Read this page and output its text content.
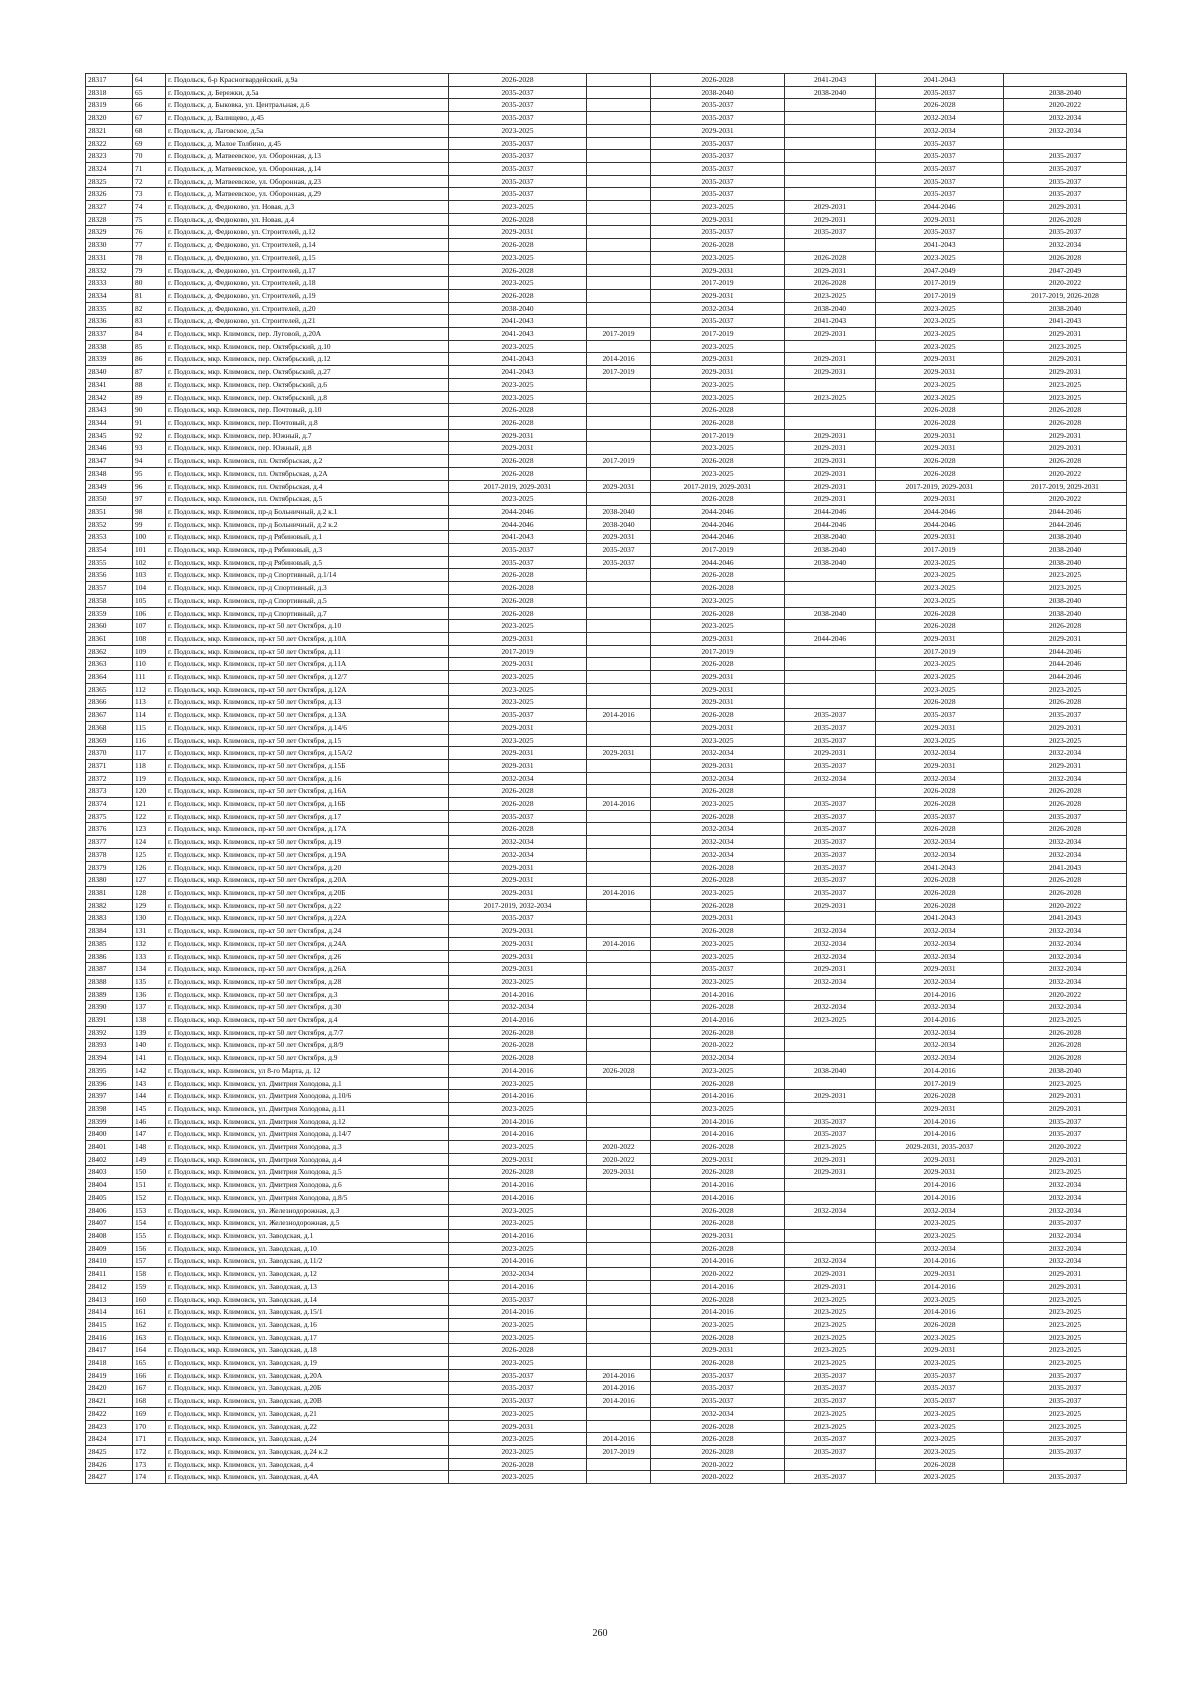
28317	64	г. Подольск, б-р Красногвардейский, д.9а	2026-2028		2026-2028	2041-2043	2041-2043	
28318	65	г. Подольск, д. Бережки, д.5а	2035-2037		2038-2040	2038-2040	2035-2037	2038-2040
28319	66	г. Подольск, д. Быковка, ул. Центральная, д.6	2035-2037		2035-2037		2026-2028	2020-2022
28320	67	г. Подольск, д. Валищево, д.45	2035-2037		2035-2037		2032-2034	2032-2034
28321	68	г. Подольск, д. Лаговское, д.5а	2023-2025		2029-2031		2032-2034	2032-2034
28322	69	г. Подольск, д. Малое Толбино, д.45	2035-2037		2035-2037		2035-2037	
28323	70	г. Подольск, д. Матвеевское, ул. Оборонная, д.13	2035-2037		2035-2037		2035-2037	2035-2037
28324	71	г. Подольск, д. Матвеевское, ул. Оборонная, д.14	2035-2037		2035-2037		2035-2037	2035-2037
28325	72	г. Подольск, д. Матвеевское, ул. Оборонная, д.23	2035-2037		2035-2037		2035-2037	2035-2037
28326	73	г. Подольск, д. Матвеевское, ул. Оборонная, д.29	2035-2037		2035-2037		2035-2037	2035-2037
28327	74	г. Подольск, д. Федюково, ул. Новая, д.3	2023-2025		2023-2025	2029-2031	2044-2046	2029-2031
28328	75	г. Подольск, д. Федюково, ул. Новая, д.4	2026-2028		2029-2031	2029-2031	2029-2031	2026-2028
28329	76	г. Подольск, д. Федюково, ул. Строителей, д.12	2029-2031		2035-2037	2035-2037	2035-2037	2035-2037
28330	77	г. Подольск, д. Федюково, ул. Строителей, д.14	2026-2028		2026-2028		2041-2043	2032-2034
28331	78	г. Подольск, д. Федюково, ул. Строителей, д.15	2023-2025		2023-2025	2026-2028	2023-2025	2026-2028
28332	79	г. Подольск, д. Федюково, ул. Строителей, д.17	2026-2028		2029-2031	2029-2031	2047-2049	2047-2049
28333	80	г. Подольск, д. Федюково, ул. Строителей, д.18	2023-2025		2017-2019	2026-2028	2017-2019	2020-2022
28334	81	г. Подольск, д. Федюково, ул. Строителей, д.19	2026-2028		2029-2031	2023-2025	2017-2019	2017-2019, 2026-2028
28335	82	г. Подольск, д. Федюково, ул. Строителей, д.20	2038-2040		2032-2034	2038-2040	2023-2025	2038-2040
28336	83	г. Подольск, д. Федюково, ул. Строителей, д.21	2041-2043		2035-2037	2041-2043	2023-2025	2041-2043
28337	84	г. Подольск, мкр. Климовск, пер. Луговой, д.20А	2041-2043	2017-2019	2017-2019	2029-2031	2023-2025	2029-2031
28338	85	г. Подольск, мкр. Климовск, пер. Октябрьский, д.10	2023-2025		2023-2025		2023-2025	2023-2025
28339	86	г. Подольск, мкр. Климовск, пер. Октябрьский, д.12	2041-2043	2014-2016	2029-2031	2029-2031	2029-2031	2029-2031
28340	87	г. Подольск, мкр. Климовск, пер. Октябрьский, д.27	2041-2043	2017-2019	2029-2031	2029-2031	2029-2031	2029-2031
28341	88	г. Подольск, мкр. Климовск, пер. Октябрьский, д.6	2023-2025		2023-2025		2023-2025	2023-2025
28342	89	г. Подольск, мкр. Климовск, пер. Октябрьский, д.8	2023-2025		2023-2025	2023-2025	2023-2025	2023-2025
28343	90	г. Подольск, мкр. Климовск, пер. Почтовый, д.10	2026-2028		2026-2028		2026-2028	2026-2028
28344	91	г. Подольск, мкр. Климовск, пер. Почтовый, д.8	2026-2028		2026-2028		2026-2028	2026-2028
28345	92	г. Подольск, мкр. Климовск, пер. Южный, д.7	2029-2031		2017-2019	2029-2031	2029-2031	2029-2031
28346	93	г. Подольск, мкр. Климовск, пер. Южный, д.8	2029-2031		2023-2025	2029-2031	2029-2031	2029-2031
28347	94	г. Подольск, мкр. Климовск, пл. Октябрьская, д.2	2026-2028	2017-2019	2026-2028	2029-2031	2026-2028	2026-2028
28348	95	г. Подольск, мкр. Климовск, пл. Октябрьская, д.2А	2026-2028		2023-2025	2029-2031	2026-2028	2020-2022
28349	96	г. Подольск, мкр. Климовск, пл. Октябрьская, д.4	2017-2019, 2029-2031	2029-2031	2017-2019, 2029-2031	2029-2031	2017-2019, 2029-2031	2017-2019, 2029-2031
28350	97	г. Подольск, мкр. Климовск, пл. Октябрьская, д.5	2023-2025		2026-2028	2029-2031	2029-2031	2020-2022
28351	98	г. Подольск, мкр. Климовск, пр-д Больничный, д.2 к.1	2044-2046	2038-2040	2044-2046	2044-2046	2044-2046	2044-2046
28352	99	г. Подольск, мкр. Климовск, пр-д Больничный, д.2 к.2	2044-2046	2038-2040	2044-2046	2044-2046	2044-2046	2044-2046
28353	100	г. Подольск, мкр. Климовск, пр-д Рябиновый, д.1	2041-2043	2029-2031	2044-2046	2038-2040	2029-2031	2038-2040
28354	101	г. Подольск, мкр. Климовск, пр-д Рябиновый, д.3	2035-2037	2035-2037	2017-2019	2038-2040	2017-2019	2038-2040
28355	102	г. Подольск, мкр. Климовск, пр-д Рябиновый, д.5	2035-2037	2035-2037	2044-2046	2038-2040	2023-2025	2038-2040
28356	103	г. Подольск, мкр. Климовск, пр-д Спортивный, д.1/14	2026-2028		2026-2028		2023-2025	2023-2025
28357	104	г. Подольск, мкр. Климовск, пр-д Спортивный, д.3	2026-2028		2026-2028		2023-2025	2023-2025
28358	105	г. Подольск, мкр. Климовск, пр-д Спортивный, д.5	2026-2028		2023-2025		2023-2025	2038-2040
28359	106	г. Подольск, мкр. Климовск, пр-д Спортивный, д.7	2026-2028		2026-2028	2038-2040	2026-2028	2038-2040
28360	107	г. Подольск, мкр. Климовск, пр-кт 50 лет Октября, д.10	2023-2025		2023-2025		2026-2028	2026-2028
28361	108	г. Подольск, мкр. Климовск, пр-кт 50 лет Октября, д.10А	2029-2031		2029-2031	2044-2046	2029-2031	2029-2031
28362	109	г. Подольск, мкр. Климовск, пр-кт 50 лет Октября, д.11	2017-2019		2017-2019		2017-2019	2044-2046
28363	110	г. Подольск, мкр. Климовск, пр-кт 50 лет Октября, д.11А	2029-2031		2026-2028		2023-2025	2044-2046
28364	111	г. Подольск, мкр. Климовск, пр-кт 50 лет Октября, д.12/7	2023-2025		2029-2031		2023-2025	2044-2046
28365	112	г. Подольск, мкр. Климовск, пр-кт 50 лет Октября, д.12А	2023-2025		2029-2031		2023-2025	2023-2025
28366	113	г. Подольск, мкр. Климовск, пр-кт 50 лет Октября, д.13	2023-2025		2029-2031		2026-2028	2026-2028
28367	114	г. Подольск, мкр. Климовск, пр-кт 50 лет Октября, д.13А	2035-2037	2014-2016	2026-2028	2035-2037	2035-2037	2035-2037
28368	115	г. Подольск, мкр. Климовск, пр-кт 50 лет Октября, д.14/6	2029-2031		2029-2031	2035-2037	2029-2031	2029-2031
28369	116	г. Подольск, мкр. Климовск, пр-кт 50 лет Октября, д.15	2023-2025		2023-2025	2035-2037	2023-2025	2023-2025
28370	117	г. Подольск, мкр. Климовск, пр-кт 50 лет Октября, д.15А/2	2029-2031	2029-2031	2032-2034	2029-2031	2032-2034	2032-2034
28371	118	г. Подольск, мкр. Климовск, пр-кт 50 лет Октября, д.15Б	2029-2031		2029-2031	2035-2037	2029-2031	2029-2031
28372	119	г. Подольск, мкр. Климовск, пр-кт 50 лет Октября, д.16	2032-2034		2032-2034	2032-2034	2032-2034	2032-2034
28373	120	г. Подольск, мкр. Климовск, пр-кт 50 лет Октября, д.16А	2026-2028		2026-2028		2026-2028	2026-2028
28374	121	г. Подольск, мкр. Климовск, пр-кт 50 лет Октября, д.16Б	2026-2028	2014-2016	2023-2025	2035-2037	2026-2028	2026-2028
28375	122	г. Подольск, мкр. Климовск, пр-кт 50 лет Октября, д.17	2035-2037		2026-2028	2035-2037	2035-2037	2035-2037
28376	123	г. Подольск, мкр. Климовск, пр-кт 50 лет Октября, д.17А	2026-2028		2032-2034	2035-2037	2026-2028	2026-2028
28377	124	г. Подольск, мкр. Климовск, пр-кт 50 лет Октября, д.19	2032-2034		2032-2034	2035-2037	2032-2034	2032-2034
28378	125	г. Подольск, мкр. Климовск, пр-кт 50 лет Октября, д.19А	2032-2034		2032-2034	2035-2037	2032-2034	2032-2034
28379	126	г. Подольск, мкр. Климовск, пр-кт 50 лет Октября, д.20	2029-2031		2026-2028	2035-2037	2041-2043	2041-2043
28380	127	г. Подольск, мкр. Климовск, пр-кт 50 лет Октября, д.20А	2029-2031		2026-2028	2035-2037	2026-2028	2026-2028
28381	128	г. Подольск, мкр. Климовск, пр-кт 50 лет Октября, д.20Б	2029-2031	2014-2016	2023-2025	2035-2037	2026-2028	2026-2028
28382	129	г. Подольск, мкр. Климовск, пр-кт 50 лет Октября, д.22	2017-2019, 2032-2034		2026-2028	2029-2031	2026-2028	2020-2022
28383	130	г. Подольск, мкр. Климовск, пр-кт 50 лет Октября, д.22А	2035-2037		2029-2031		2041-2043	2041-2043
28384	131	г. Подольск, мкр. Климовск, пр-кт 50 лет Октября, д.24	2029-2031		2026-2028	2032-2034	2032-2034	2032-2034
28385	132	г. Подольск, мкр. Климовск, пр-кт 50 лет Октября, д.24А	2029-2031	2014-2016	2023-2025	2032-2034	2032-2034	2032-2034
28386	133	г. Подольск, мкр. Климовск, пр-кт 50 лет Октября, д.26	2029-2031		2023-2025	2032-2034	2032-2034	2032-2034
28387	134	г. Подольск, мкр. Климовск, пр-кт 50 лет Октября, д.26А	2029-2031		2035-2037	2029-2031	2029-2031	2032-2034
28388	135	г. Подольск, мкр. Климовск, пр-кт 50 лет Октября, д.28	2023-2025		2023-2025	2032-2034	2032-2034	2032-2034
28389	136	г. Подольск, мкр. Климовск, пр-кт 50 лет Октября, д.3	2014-2016		2014-2016		2014-2016	2020-2022
28390	137	г. Подольск, мкр. Климовск, пр-кт 50 лет Октября, д.30	2032-2034		2026-2028	2032-2034	2032-2034	2032-2034
28391	138	г. Подольск, мкр. Климовск, пр-кт 50 лет Октября, д.4	2014-2016		2014-2016	2023-2025	2014-2016	2023-2025
28392	139	г. Подольск, мкр. Климовск, пр-кт 50 лет Октября, д.7/7	2026-2028		2026-2028		2032-2034	2026-2028
28393	140	г. Подольск, мкр. Климовск, пр-кт 50 лет Октября, д.8/9	2026-2028		2020-2022		2032-2034	2026-2028
28394	141	г. Подольск, мкр. Климовск, пр-кт 50 лет Октября, д.9	2026-2028		2032-2034		2032-2034	2026-2028
28395	142	г. Подольск, мкр. Климовск, ул 8-го Марта, д. 12	2014-2016	2026-2028	2023-2025	2038-2040	2014-2016	2038-2040
28396	143	г. Подольск, мкр. Климовск, ул. Дмитрия Холодова, д.1	2023-2025		2026-2028		2017-2019	2023-2025
28397	144	г. Подольск, мкр. Климовск, ул. Дмитрия Холодова, д.10/6	2014-2016		2014-2016	2029-2031	2026-2028	2029-2031
28398	145	г. Подольск, мкр. Климовск, ул. Дмитрия Холодова, д.11	2023-2025		2023-2025		2029-2031	2029-2031
28399	146	г. Подольск, мкр. Климовск, ул. Дмитрия Холодова, д.12	2014-2016		2014-2016	2035-2037	2014-2016	2035-2037
28400	147	г. Подольск, мкр. Климовск, ул. Дмитрия Холодова, д.14/7	2014-2016		2014-2016	2035-2037	2014-2016	2035-2037
28401	148	г. Подольск, мкр. Климовск, ул. Дмитрия Холодова, д.3	2023-2025	2020-2022	2026-2028	2023-2025	2029-2031, 2035-2037	2020-2022
28402	149	г. Подольск, мкр. Климовск, ул. Дмитрия Холодова, д.4	2029-2031	2020-2022	2029-2031	2029-2031	2029-2031	2029-2031
28403	150	г. Подольск, мкр. Климовск, ул. Дмитрия Холодова, д.5	2026-2028	2029-2031	2026-2028	2029-2031	2029-2031	2023-2025
28404	151	г. Подольск, мкр. Климовск, ул. Дмитрия Холодова, д.6	2014-2016		2014-2016		2014-2016	2032-2034
28405	152	г. Подольск, мкр. Климовск, ул. Дмитрия Холодова, д.8/5	2014-2016		2014-2016		2014-2016	2032-2034
28406	153	г. Подольск, мкр. Климовск, ул. Железнодорожная, д.3	2023-2025		2026-2028	2032-2034	2032-2034	2032-2034
28407	154	г. Подольск, мкр. Климовск, ул. Железнодорожная, д.5	2023-2025		2026-2028		2023-2025	2035-2037
28408	155	г. Подольск, мкр. Климовск, ул. Заводская, д.1	2014-2016		2029-2031		2023-2025	2032-2034
28409	156	г. Подольск, мкр. Климовск, ул. Заводская, д.10	2023-2025		2026-2028		2032-2034	2032-2034
28410	157	г. Подольск, мкр. Климовск, ул. Заводская, д.11/2	2014-2016		2014-2016	2032-2034	2014-2016	2032-2034
28411	158	г. Подольск, мкр. Климовск, ул. Заводская, д.12	2032-2034		2020-2022	2029-2031	2029-2031	2029-2031
28412	159	г. Подольск, мкр. Климовск, ул. Заводская, д.13	2014-2016		2014-2016	2029-2031	2014-2016	2029-2031
28413	160	г. Подольск, мкр. Климовск, ул. Заводская, д.14	2035-2037		2026-2028	2023-2025	2023-2025	2023-2025
28414	161	г. Подольск, мкр. Климовск, ул. Заводская, д.15/1	2014-2016		2014-2016	2023-2025	2014-2016	2023-2025
28415	162	г. Подольск, мкр. Климовск, ул. Заводская, д.16	2023-2025		2023-2025	2023-2025	2026-2028	2023-2025
28416	163	г. Подольск, мкр. Климовск, ул. Заводская, д.17	2023-2025		2026-2028	2023-2025	2023-2025	2023-2025
28417	164	г. Подольск, мкр. Климовск, ул. Заводская, д.18	2026-2028		2029-2031	2023-2025	2029-2031	2023-2025
28418	165	г. Подольск, мкр. Климовск, ул. Заводская, д.19	2023-2025		2026-2028	2023-2025	2023-2025	2023-2025
28419	166	г. Подольск, мкр. Климовск, ул. Заводская, д.20А	2035-2037	2014-2016	2035-2037	2035-2037	2035-2037	2035-2037
28420	167	г. Подольск, мкр. Климовск, ул. Заводская, д.20Б	2035-2037	2014-2016	2035-2037	2035-2037	2035-2037	2035-2037
28421	168	г. Подольск, мкр. Климовск, ул. Заводская, д.20В	2035-2037	2014-2016	2035-2037	2035-2037	2035-2037	2035-2037
28422	169	г. Подольск, мкр. Климовск, ул. Заводская, д.21	2023-2025		2032-2034	2023-2025	2023-2025	2023-2025
28423	170	г. Подольск, мкр. Климовск, ул. Заводская, д.22	2029-2031		2026-2028	2023-2025	2023-2025	2023-2025
28424	171	г. Подольск, мкр. Климовск, ул. Заводская, д.24	2023-2025	2014-2016	2026-2028	2035-2037	2023-2025	2035-2037
28425	172	г. Подольск, мкр. Климовск, ул. Заводская, д.24 к.2	2023-2025	2017-2019	2026-2028	2035-2037	2023-2025	2035-2037
28426	173	г. Подольск, мкр. Климовск, ул. Заводская, д.4	2026-2028		2020-2022		2026-2028	
28427	174	г. Подольск, мкр. Климовск, ул. Заводская, д.4А	2023-2025		2020-2022	2035-2037	2023-2025	2035-2037
260
